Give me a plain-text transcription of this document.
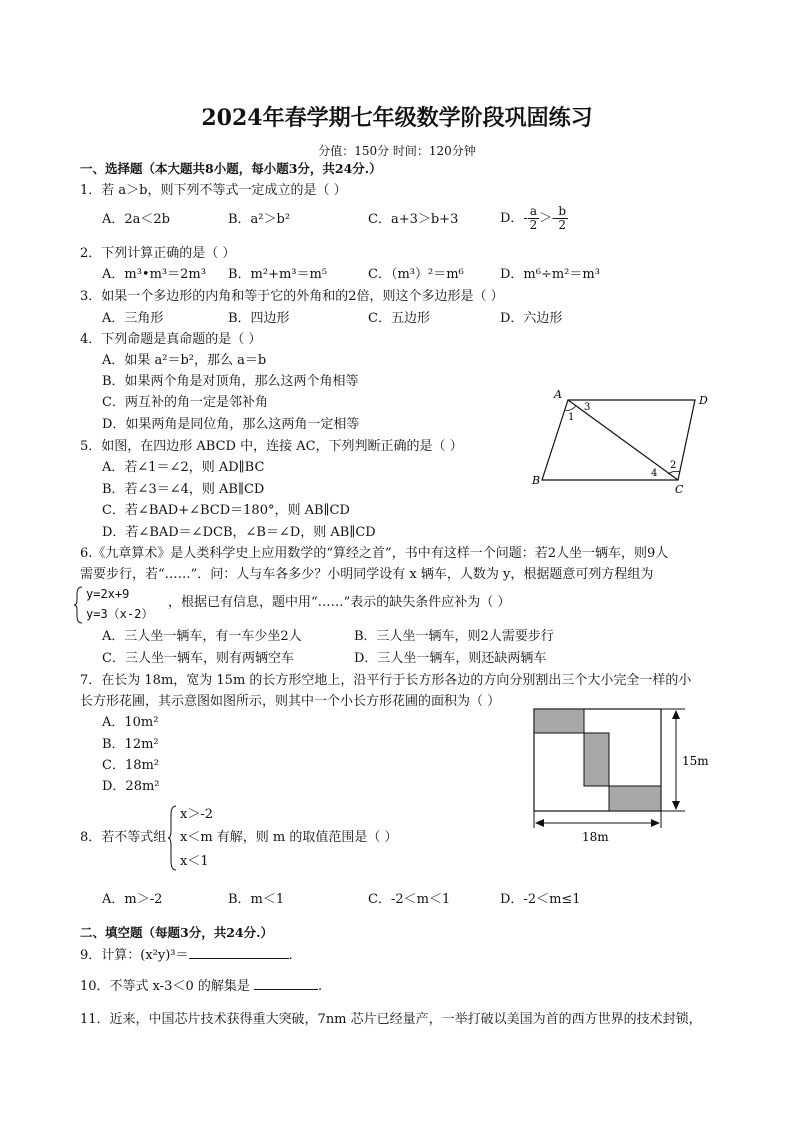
2024年春学期七年级数学阶段巩固练习
分值：150分 时间：120分钟
一、选择题（本大题共8小题，每小题3分，共24分.）
1．若 a＞b，则下列不等式一定成立的是（ ）
A．2a＜2b	B．a²＞b²	C．a+3＞b+3	D．- $\frac{a}{2} >- \frac{b}{2}$
2．下列计算正确的是（ ）
A．m³•m³＝2m³ B．m²+m³＝m⁵	C．（m³）²＝m⁶	D．m⁶÷m²＝m³
3．如果一个多边形的内角和等于它的外角和的2倍，则这个多边形是（ ）
A．三角形	B．四边形	C．五边形	D．六边形
4．下列命题是真命题的是（ ）
A．如果 a²＝b²，那么 a＝b
B．如果两个角是对顶角，那么这两个角相等
C．两互补的角一定是邻补角
D．如果两角是同位角，那么这两角一定相等
5．如图，在四边形 ABCD 中，连接 AC，下列判断正确的是（ ）
A．若∠1＝∠2，则 AD∥BC
B．若∠3＝∠4，则 AB∥CD
C．若∠BAD+∠BCD＝180°，则 AB∥CD
D．若∠BAD＝∠DCB，∠B＝∠D，则 AB∥CD
A	D
B
C
1
3
4
2
6.《九章算术》是人类科学史上应用数学的“算经之首”，书中有这样一个问题：若2人坐一辆车，则9人
需要步行，若“……”．问：人与车各多少？小明同学设有 x 辆车，人数为 y，根据题意可列方程组为
y=2x+9
y=3（x-2）
，根据已有信息，题中用“……”表示的缺失条件应补为（ ）
A．三人坐一辆车，有一车少坐2人	B．三人坐一辆车，则2人需要步行
C．三人坐一辆车，则有两辆空车	D．三人坐一辆车，则还缺两辆车
7．在长为 18m，宽为 15m 的长方形空地上，沿平行于长方形各边的方向分别割出三个大小完全一样的小
长方形花圃，其示意图如图所示，则其中一个小长方形花圃的面积为（ ）
A．10m²
B．12m²
C．18m²
D．28m²
15m
18m
8．若不等式组
x＞-2
x＜m 有解，则 m 的取值范围是（ ）
x＜1
A．m＞-2	B．m＜1	C．-2＜m＜1	D．-2＜m≤1
二、填空题（每题3分，共24分.）
9．计算：(x²y)³＝	.
10．不等式 x-3＜0 的解集是	.
11．近来，中国芯片技术获得重大突破，7nm 芯片已经量产，一举打破以美国为首的西方世界的技术封锁，
